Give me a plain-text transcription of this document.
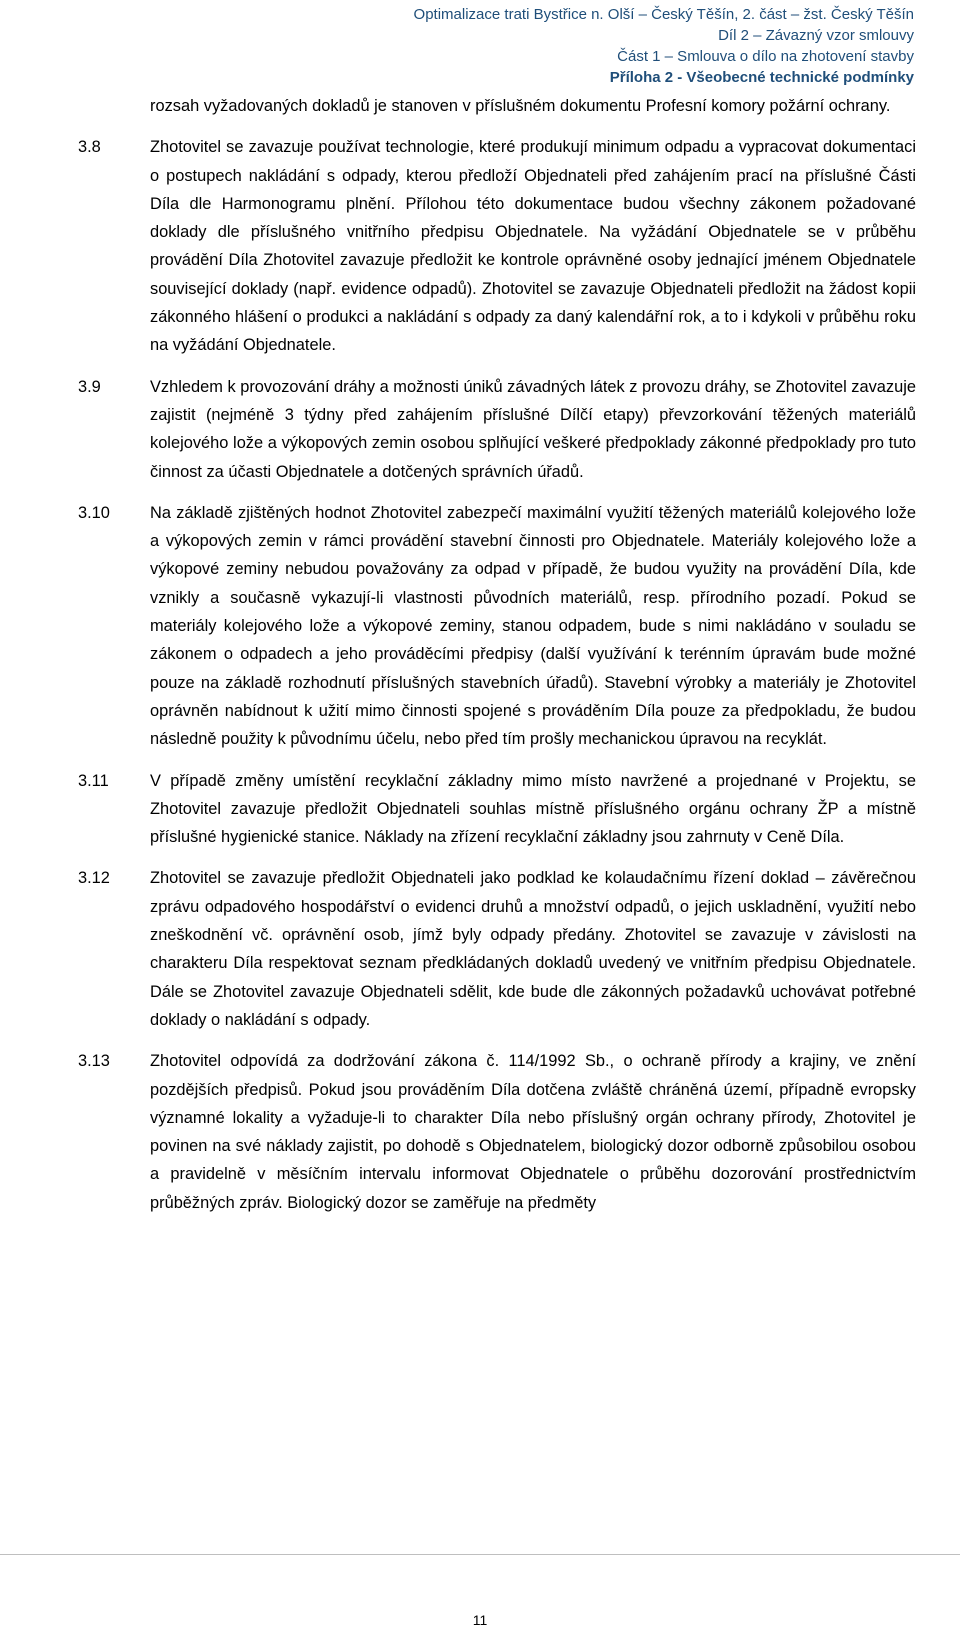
Optimalizace trati Bystřice n. Olší – Český Těšín, 2. část – žst. Český Těšín
Díl 2 – Závazný vzor smlouvy
Část 1 – Smlouva o dílo na zhotovení stavby
Příloha 2 - Všeobecné technické podmínky
rozsah vyžadovaných dokladů je stanoven v příslušném dokumentu Profesní komory požární ochrany.
3.8	Zhotovitel se zavazuje používat technologie, které produkují minimum odpadu a vypracovat dokumentaci o postupech nakládání s odpady, kterou předloží Objednateli před zahájením prací na příslušné Části Díla dle Harmonogramu plnění. Přílohou této dokumentace budou všechny zákonem požadované doklady dle příslušného vnitřního předpisu Objednatele. Na vyžádání Objednatele se v průběhu provádění Díla Zhotovitel zavazuje předložit ke kontrole oprávněné osoby jednající jménem Objednatele související doklady (např. evidence odpadů). Zhotovitel se zavazuje Objednateli předložit na žádost kopii zákonného hlášení o produkci a nakládání s odpady za daný kalendářní rok, a to i kdykoli v průběhu roku na vyžádání Objednatele.
3.9	Vzhledem k provozování dráhy a možnosti úniků závadných látek z provozu dráhy, se Zhotovitel zavazuje zajistit (nejméně 3 týdny před zahájením příslušné Dílčí etapy) převzorkování těžených materiálů kolejového lože a výkopových zemin osobou splňující veškeré předpoklady zákonné předpoklady pro tuto činnost za účasti Objednatele a dotčených správních úřadů.
3.10	Na základě zjištěných hodnot Zhotovitel zabezpečí maximální využití těžených materiálů kolejového lože a výkopových zemin v rámci provádění stavební činnosti pro Objednatele. Materiály kolejového lože a výkopové zeminy nebudou považovány za odpad v případě, že budou využity na provádění Díla, kde vznikly a současně vykazují-li vlastnosti původních materiálů, resp. přírodního pozadí. Pokud se materiály kolejového lože a výkopové zeminy, stanou odpadem, bude s nimi nakládáno v souladu se zákonem o odpadech a jeho prováděcími předpisy (další využívání k terénním úpravám bude možné pouze na základě rozhodnutí příslušných stavebních úřadů). Stavební výrobky a materiály je Zhotovitel oprávněn nabídnout k užití mimo činnosti spojené s prováděním Díla pouze za předpokladu, že budou následně použity k původnímu účelu, nebo před tím prošly mechanickou úpravou na recyklát.
3.11	V případě změny umístění recyklační základny mimo místo navržené a projednané v Projektu, se Zhotovitel zavazuje předložit Objednateli souhlas místně příslušného orgánu ochrany ŽP a místně příslušné hygienické stanice. Náklady na zřízení recyklační základny jsou zahrnuty v Ceně Díla.
3.12	Zhotovitel se zavazuje předložit Objednateli jako podklad ke kolaudačnímu řízení doklad – závěrečnou zprávu odpadového hospodářství o evidenci druhů a množství odpadů, o jejich uskladnění, využití nebo zneškodnění vč. oprávnění osob, jímž byly odpady předány. Zhotovitel se zavazuje v závislosti na charakteru Díla respektovat seznam předkládaných dokladů uvedený ve vnitřním předpisu Objednatele. Dále se Zhotovitel zavazuje Objednateli sdělit, kde bude dle zákonných požadavků uchovávat potřebné doklady o nakládání s odpady.
3.13	Zhotovitel odpovídá za dodržování zákona č. 114/1992 Sb., o ochraně přírody a krajiny, ve znění pozdějších předpisů. Pokud jsou prováděním Díla dotčena zvláště chráněná území, případně evropsky významné lokality a vyžaduje-li to charakter Díla nebo příslušný orgán ochrany přírody, Zhotovitel je povinen na své náklady zajistit, po dohodě s Objednatelem, biologický dozor odborně způsobilou osobou a pravidelně v měsíčním intervalu informovat Objednatele o průběhu dozorování prostřednictvím průběžných zpráv. Biologický dozor se zaměřuje na předměty
11
